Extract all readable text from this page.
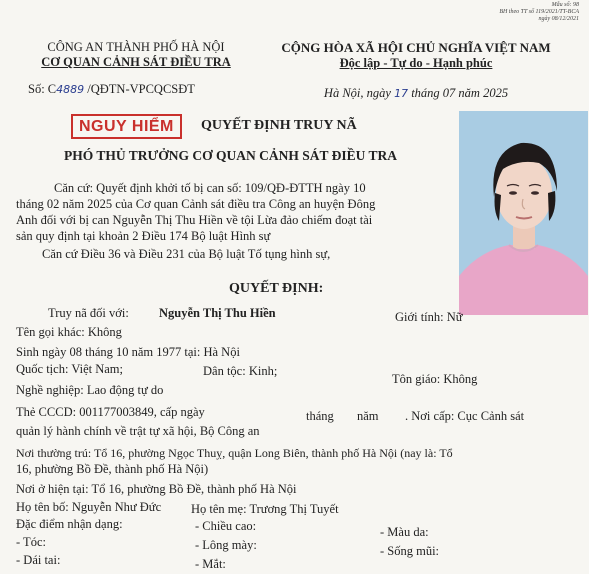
Mẫu số: 98
BH theo TT số 119/2021/TT-BCA
ngày 08/12/2021
CÔNG AN THÀNH PHỐ HÀ NỘI
CƠ QUAN CẢNH SÁT ĐIỀU TRA
Số: C4889 /QĐTN-VPCQCSĐT
CỘNG HÒA XÃ HỘI CHỦ NGHĨA VIỆT NAM
Độc lập - Tự do - Hạnh phúc
Hà Nội, ngày 17 tháng 07 năm 2025
NGUY HIỂM	QUYẾT ĐỊNH TRUY NÃ
PHÓ THỦ TRƯỞNG CƠ QUAN CẢNH SÁT ĐIỀU TRA
Căn cứ: Quyết định khởi tố bị can số: 109/QĐ-ĐTTH ngày 10
tháng 02 năm 2025 của Cơ quan Cảnh sát điều tra Công an huyện Đông
Anh đối với bị can Nguyễn Thị Thu Hiền về tội Lừa đảo chiếm đoạt tài
sản quy định tại khoản 2 Điều 174 Bộ luật Hình sự
Căn cứ Điều 36 và Điều 231 của Bộ luật Tố tụng hình sự,
QUYẾT ĐỊNH:
Truy nã đối với: Nguyễn Thị Thu Hiền	Giới tính: Nữ
Tên gọi khác: Không
Sinh ngày 08 tháng 10 năm 1977 tại: Hà Nội
Quốc tịch: Việt Nam;	Dân tộc: Kinh;
Tôn giáo: Không
Nghề nghiệp: Lao động tự do
Thẻ CCCD: 001177003849, cấp ngày	tháng năm . Nơi cấp: Cục Cảnh sát
quản lý hành chính về trật tự xã hội, Bộ Công an
Nơi thường trú: Tổ 16, phường Ngọc Thuỵ, quận Long Biên, thành phố Hà Nội (nay là: Tổ
16, phường Bồ Đề, thành phố Hà Nội)
Nơi ở hiện tại: Tổ 16, phường Bồ Đề, thành phố Hà Nội
Họ tên bố: Nguyễn Như Đức Họ tên mẹ: Trương Thị Tuyết
Đặc điểm nhận dạng:	- Chiều cao:	- Màu da:
- Tóc:	- Lông mày:	- Sống mũi:
- Dái tai:	- Mắt:
